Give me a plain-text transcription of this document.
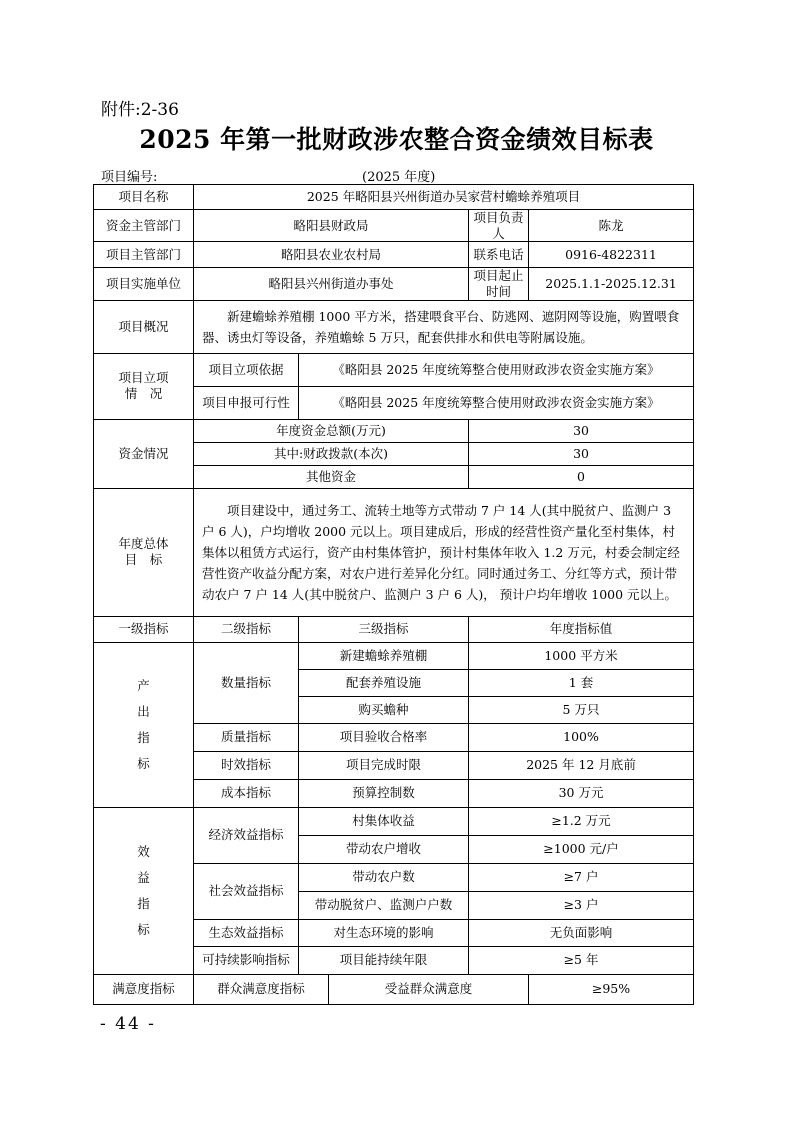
附件:2-36
2025 年第一批财政涉农整合资金绩效目标表
项目编号:	(2025 年度)
项目名称	2025 年略阳县兴州街道办吴家营村蟾蜍养殖项目				
资金主管部门	略阳县财政局			项目负责人	陈龙
项目主管部门	略阳县农业农村局			联系电话	0916-4822311
项目实施单位	略阳县兴州街道办事处			项目起止时间	2025.1.1-2025.12.31
项目概况	新建蟾蜍养殖棚 1000 平方米，搭建喂食平台、防逃网、遮阴网等设施，购置喂食器、诱虫灯等设备，养殖蟾蜍 5 万只，配套供排水和供电等附属设施。				

项目立项
情　况	项目立项依据	《略阳县 2025 年度统筹整合使用财政涉农资金实施方案》			
	项目申报可行性	《略阳县 2025 年度统筹整合使用财政涉农资金实施方案》			
资金情况	年度资金总额(万元)			30	
	其中:财政拨款(本次)			30	
	其他资金			0	

年度总体
目　标	项目建设中，通过务工、流转土地等方式带动 7 户 14 人(其中脱贫户、监测户 3 户 6 人)，户均增收 2000 元以上。项目建成后，形成的经营性资产量化至村集体，村集体以租赁方式运行，资产由村集体管护，预计村集体年收入 1.2 万元，村委会制定经营性资产收益分配方案，对农户进行差异化分红。同时通过务工、分红等方式，预计带动农户 7 户 14 人(其中脱贫户、监测户 3 户 6 人)， 预计户均年增收 1000 元以上。				
一级指标	二级指标	三级指标		年度指标值	
产出指标	数量指标	新建蟾蜍养殖棚		1000 平方米	
		配套养殖设施		1 套	
		购买蟾种		5 万只	
	质量指标	项目验收合格率		100%	
	时效指标	项目完成时限		2025 年 12 月底前	
	成本指标	预算控制数		30 万元	
效益指标	经济效益指标	村集体收益		≥1.2 万元	
		带动农户增收		≥1000 元/户	
	社会效益指标	带动农户数		≥7 户	
		带动脱贫户、监测户户数		≥3 户	
	生态效益指标	对生态环境的影响		无负面影响	
	可持续影响指标	项目能持续年限		≥5 年	
满意度指标	群众满意度指标		受益群众满意度		≥95%
- 44 -
